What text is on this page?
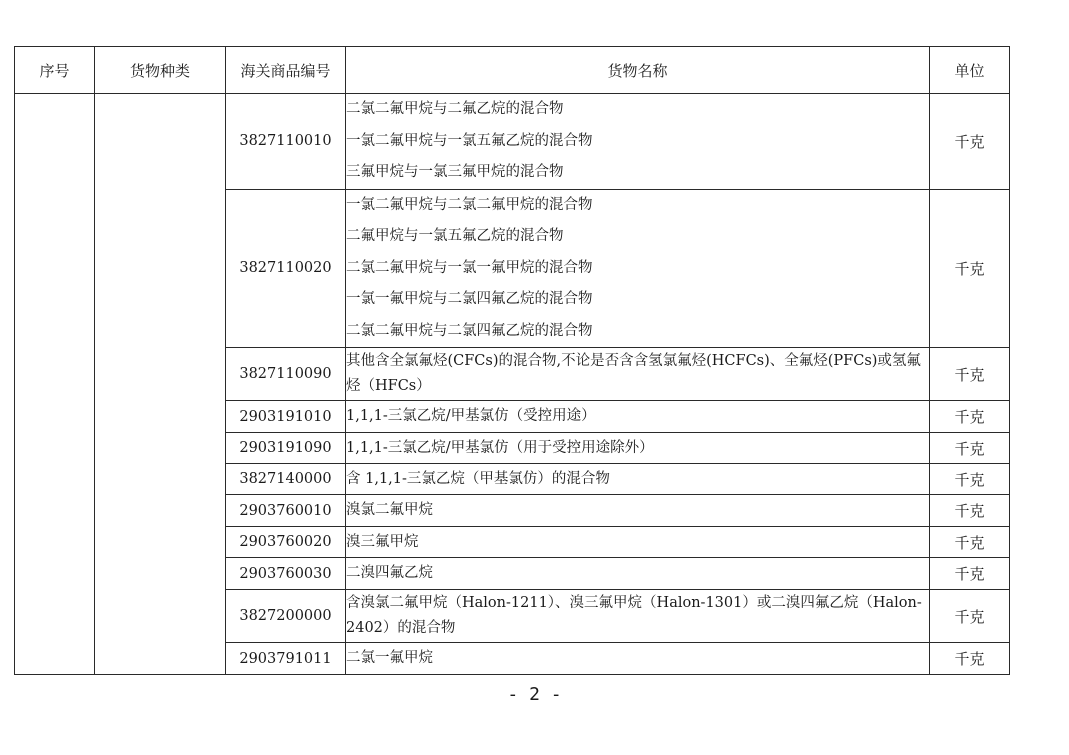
序号	货物种类	海关商品编号	货物名称	单位
		3827110010	二氯二氟甲烷与二氟乙烷的混合物
一氯二氟甲烷与一氯五氟乙烷的混合物
三氟甲烷与一氯三氟甲烷的混合物	千克
		3827110020	一氯二氟甲烷与二氯二氟甲烷的混合物
二氟甲烷与一氯五氟乙烷的混合物
二氯二氟甲烷与一氯一氟甲烷的混合物
一氯一氟甲烷与二氯四氟乙烷的混合物
二氯二氟甲烷与二氯四氟乙烷的混合物	千克
		3827110090	其他含全氯氟烃(CFCs)的混合物,不论是否含含氢氯氟烃(HCFCs)、全氟烃(PFCs)或氢氟烃（HFCs）	千克
		2903191010	1,1,1-三氯乙烷/甲基氯仿（受控用途）	千克
		2903191090	1,1,1-三氯乙烷/甲基氯仿（用于受控用途除外）	千克
		3827140000	含 1,1,1-三氯乙烷（甲基氯仿）的混合物	千克
		2903760010	溴氯二氟甲烷	千克
		2903760020	溴三氟甲烷	千克
		2903760030	二溴四氟乙烷	千克
		3827200000	含溴氯二氟甲烷（Halon-1211）、溴三氟甲烷（Halon-1301）或二溴四氟乙烷（Halon-2402）的混合物	千克
		2903791011	二氯一氟甲烷	千克
- 2 -
